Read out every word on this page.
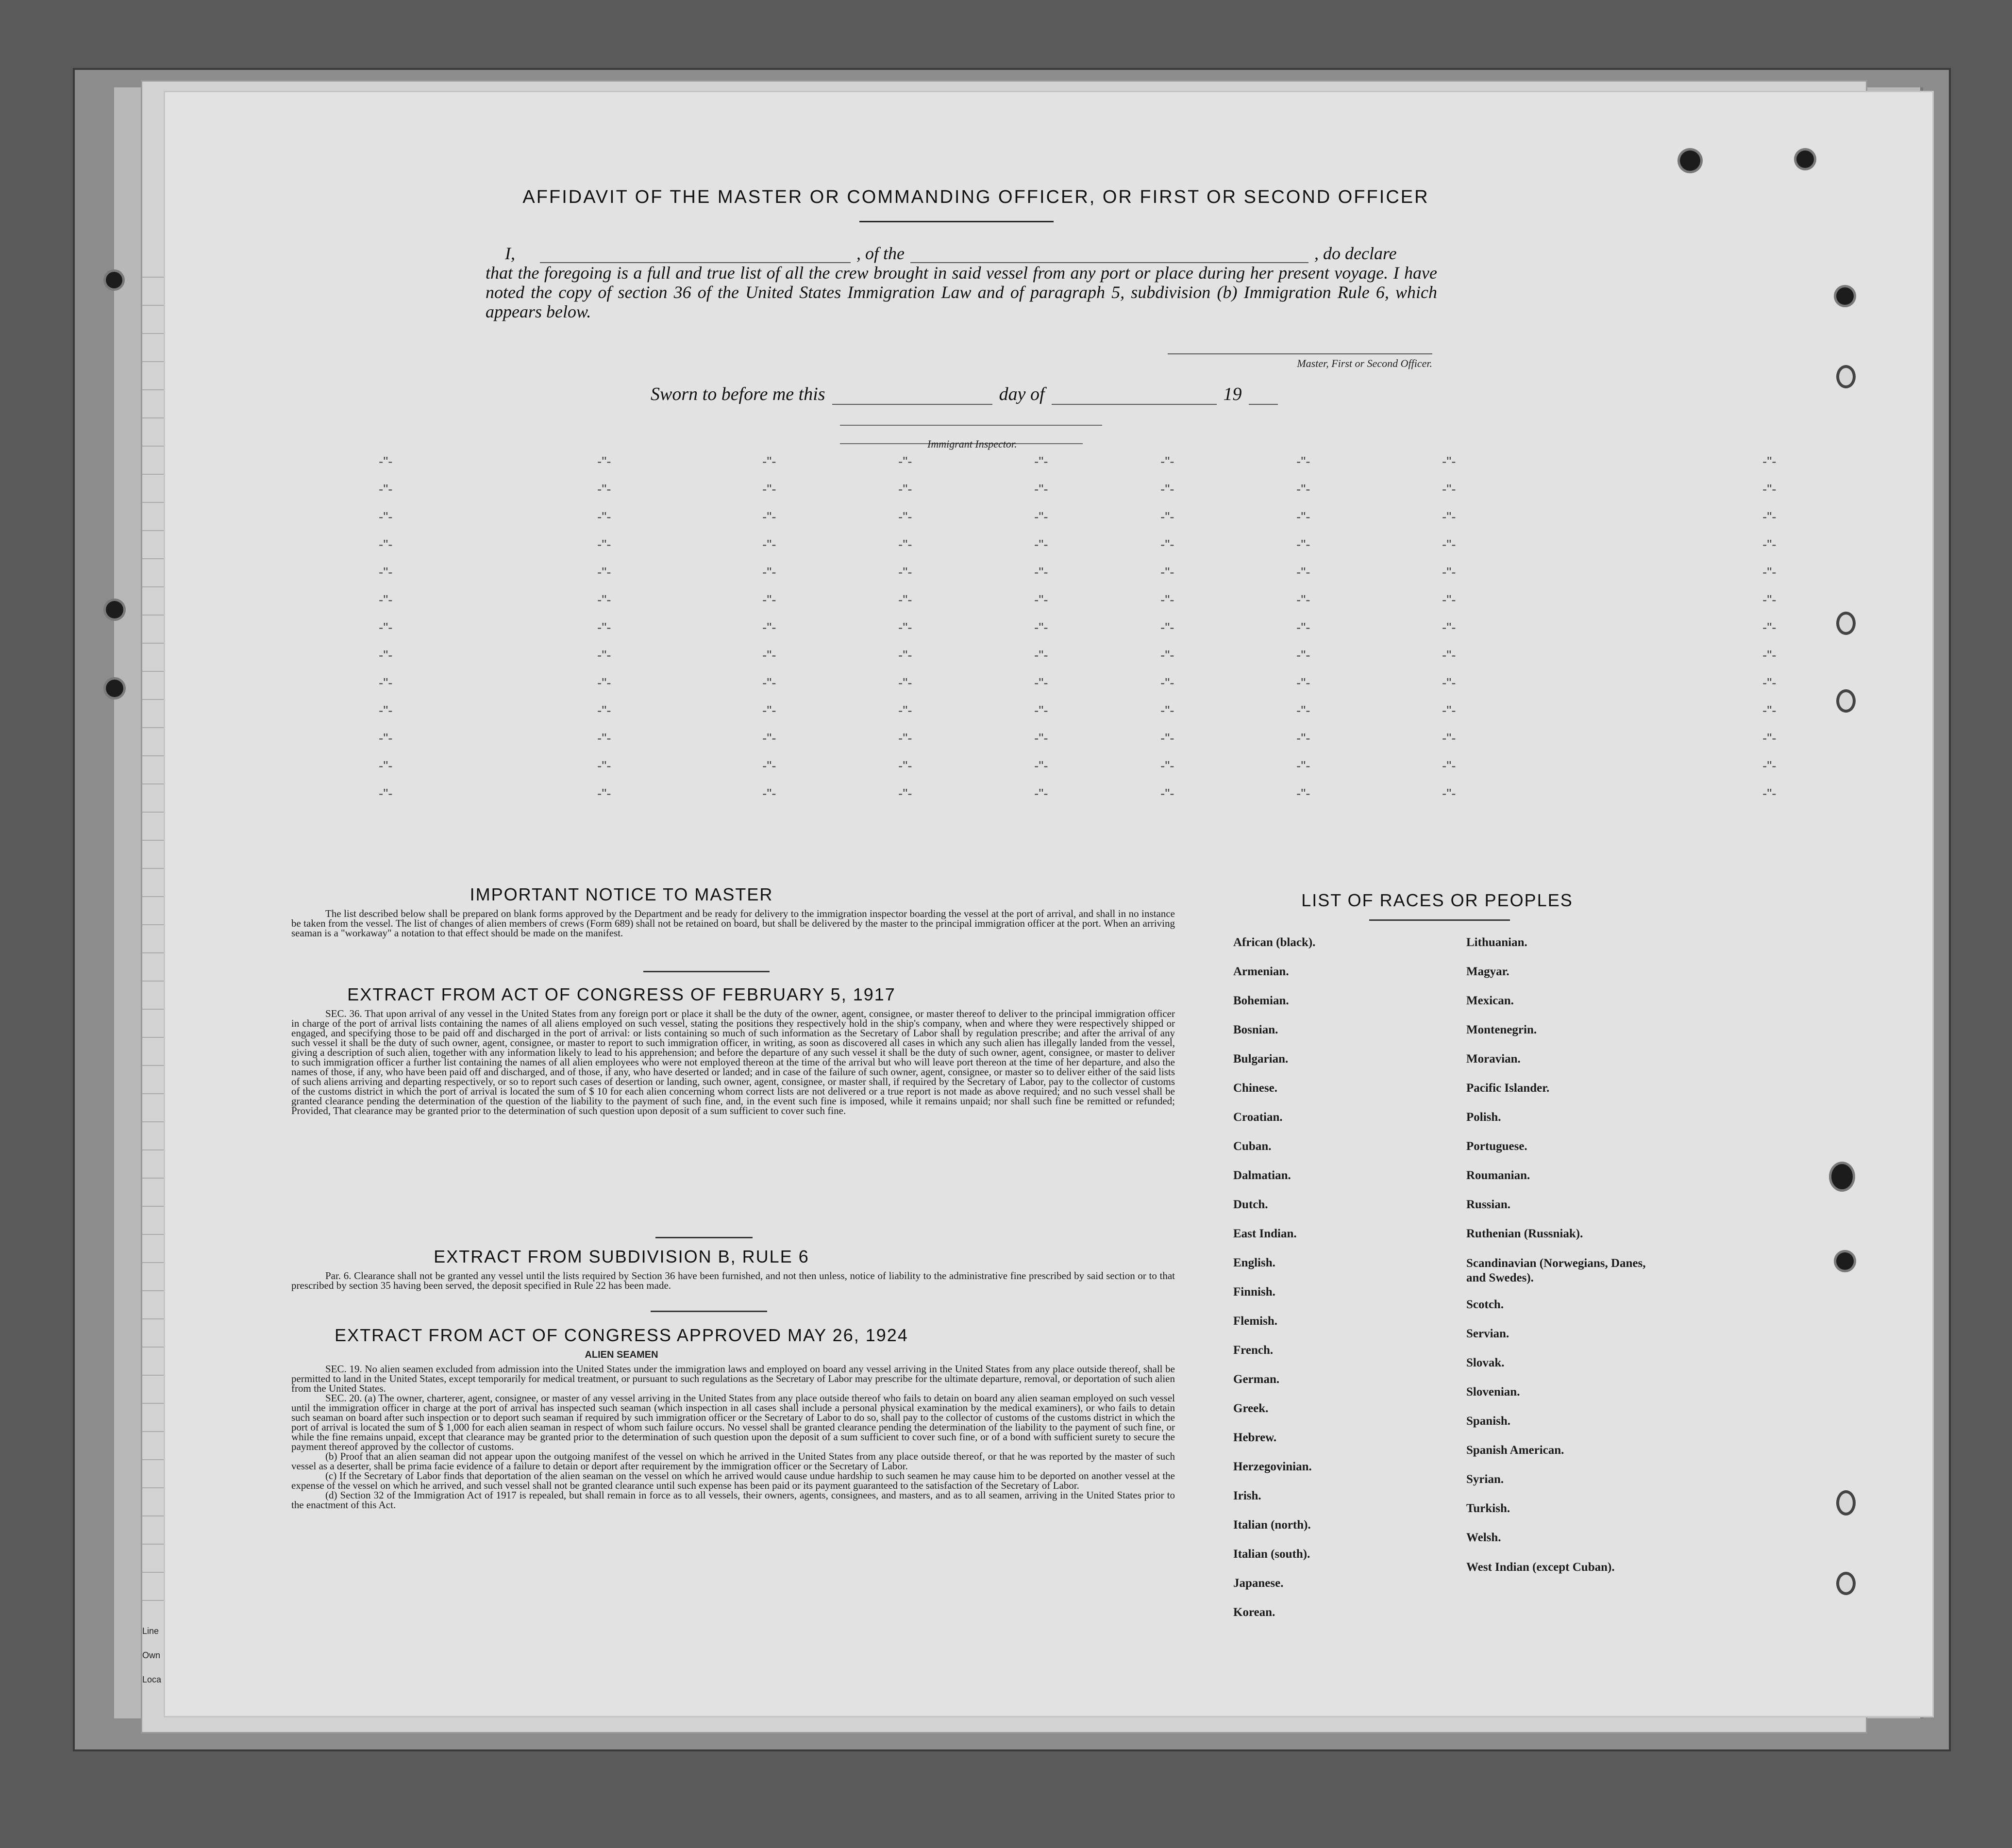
Line
Own
Loca
AFFIDAVIT OF THE MASTER OR COMMANDING OFFICER, OR FIRST OR SECOND OFFICER
I,	, of the	, do declare
that the foregoing is a full and true list of all the crew brought in said vessel from any port or place during her present voyage. I have noted the copy of section 36 of the United States Immigration Law and of paragraph 5, subdivision (b) Immigration Rule 6, which appears below.
Master, First or Second Officer.
Sworn to before me this	day of	19
Immigrant Inspector.
-"-	-"-	-"-	-"-	-"-	-"-	-"-	-"-	-"-
-"-	-"-	-"-	-"-	-"-	-"-	-"-	-"-	-"-
-"-	-"-	-"-	-"-	-"-	-"-	-"-	-"-	-"-
-"-	-"-	-"-	-"-	-"-	-"-	-"-	-"-	-"-
-"-	-"-	-"-	-"-	-"-	-"-	-"-	-"-	-"-
-"-	-"-	-"-	-"-	-"-	-"-	-"-	-"-	-"-
-"-	-"-	-"-	-"-	-"-	-"-	-"-	-"-	-"-
-"-	-"-	-"-	-"-	-"-	-"-	-"-	-"-	-"-
-"-	-"-	-"-	-"-	-"-	-"-	-"-	-"-	-"-
-"-	-"-	-"-	-"-	-"-	-"-	-"-	-"-	-"-
-"-	-"-	-"-	-"-	-"-	-"-	-"-	-"-	-"-
-"-	-"-	-"-	-"-	-"-	-"-	-"-	-"-	-"-
-"-	-"-	-"-	-"-	-"-	-"-	-"-	-"-	-"-
IMPORTANT NOTICE TO MASTER

The list described below shall be prepared on blank forms approved by the Department and be ready for delivery to the immigration inspector boarding the vessel at the port of arrival, and shall in no instance be taken from the vessel. The list of changes of alien members of crews (Form 689) shall not be retained on board, but shall be delivered by the master to the principal immigration officer at the port. When an arriving seaman is a "workaway" a notation to that effect should be made on the manifest.

EXTRACT FROM ACT OF CONGRESS OF FEBRUARY 5, 1917

SEC. 36. That upon arrival of any vessel in the United States from any foreign port or place it shall be the duty of the owner, agent, consignee, or master thereof to deliver to the principal immigration officer in charge of the port of arrival lists containing the names of all aliens employed on such vessel, stating the positions they respectively hold in the ship's company, when and where they were respectively shipped or engaged, and specifying those to be paid off and discharged in the port of arrival: or lists containing so much of such information as the Secretary of Labor shall by regulation prescribe; and after the arrival of any such vessel it shall be the duty of such owner, agent, consignee, or master to report to such immigration officer, in writing, as soon as discovered all cases in which any such alien has illegally landed from the vessel, giving a description of such alien, together with any information likely to lead to his apprehension; and before the departure of any such vessel it shall be the duty of such owner, agent, consignee, or master to deliver to such immigration officer a further list containing the names of all alien employees who were not employed thereon at the time of the arrival but who will leave port thereon at the time of her departure, and also the names of those, if any, who have been paid off and discharged, and of those, if any, who have deserted or landed; and in case of the failure of such owner, agent, consignee, or master so to deliver either of the said lists of such aliens arriving and departing respectively, or so to report such cases of desertion or landing, such owner, agent, consignee, or master shall, if required by the Secretary of Labor, pay to the collector of customs of the customs district in which the port of arrival is located the sum of $ 10 for each alien concerning whom correct lists are not delivered or a true report is not made as above required; and no such vessel shall be granted clearance pending the determination of the question of the liability to the payment of such fine, and, in the event such fine is imposed, while it remains unpaid; nor shall such fine be remitted or refunded; Provided, That clearance may be granted prior to the determination of such question upon deposit of a sum sufficient to cover such fine.

EXTRACT FROM SUBDIVISION B, RULE 6

Par. 6. Clearance shall not be granted any vessel until the lists required by Section 36 have been furnished, and not then unless, notice of liability to the administrative fine prescribed by said section or to that prescribed by section 35 having been served, the deposit specified in Rule 22 has been made.

EXTRACT FROM ACT OF CONGRESS APPROVED MAY 26, 1924
ALIEN SEAMEN

SEC. 19. No alien seamen excluded from admission into the United States under the immigration laws and employed on board any vessel arriving in the United States from any place outside thereof, shall be permitted to land in the United States, except temporarily for medical treatment, or pursuant to such regulations as the Secretary of Labor may prescribe for the ultimate departure, removal, or deportation of such alien from the United States.

SEC. 20. (a) The owner, charterer, agent, consignee, or master of any vessel arriving in the United States from any place outside thereof who fails to detain on board any alien seaman employed on such vessel until the immigration officer in charge at the port of arrival has inspected such seaman (which inspection in all cases shall include a personal physical examination by the medical examiners), or who fails to detain such seaman on board after such inspection or to deport such seaman if required by such immigration officer or the Secretary of Labor to do so, shall pay to the collector of customs of the customs district in which the port of arrival is located the sum of $ 1,000 for each alien seaman in respect of whom such failure occurs. No vessel shall be granted clearance pending the determination of the liability to the payment of such fine, or while the fine remains unpaid, except that clearance may be granted prior to the determination of such question upon the deposit of a sum sufficient to cover such fine, or of a bond with sufficient surety to secure the payment thereof approved by the collector of customs.

(b) Proof that an alien seaman did not appear upon the outgoing manifest of the vessel on which he arrived in the United States from any place outside thereof, or that he was reported by the master of such vessel as a deserter, shall be prima facie evidence of a failure to detain or deport after requirement by the immigration officer or the Secretary of Labor.

(c) If the Secretary of Labor finds that deportation of the alien seaman on the vessel on which he arrived would cause undue hardship to such seamen he may cause him to be deported on another vessel at the expense of the vessel on which he arrived, and such vessel shall not be granted clearance until such expense has been paid or its payment guaranteed to the satisfaction of the Secretary of Labor.

(d) Section 32 of the Immigration Act of 1917 is repealed, but shall remain in force as to all vessels, their owners, agents, consignees, and masters, and as to all seamen, arriving in the United States prior to the enactment of this Act.

LIST OF RACES OR PEOPLES
African (black).
Armenian.
Bohemian.
Bosnian.
Bulgarian.
Chinese.
Croatian.
Cuban.
Dalmatian.
Dutch.
East Indian.
English.
Finnish.
Flemish.
French.
German.
Greek.
Hebrew.
Herzegovinian.
Irish.
Italian (north).
Italian (south).
Japanese.
Korean.
Lithuanian.
Magyar.
Mexican.
Montenegrin.
Moravian.
Pacific Islander.
Polish.
Portuguese.
Roumanian.
Russian.
Ruthenian (Russniak).
Scandinavian (Norwegians, Danes, and Swedes).
Scotch.
Servian.
Slovak.
Slovenian.
Spanish.
Spanish American.
Syrian.
Turkish.
Welsh.
West Indian (except Cuban).
